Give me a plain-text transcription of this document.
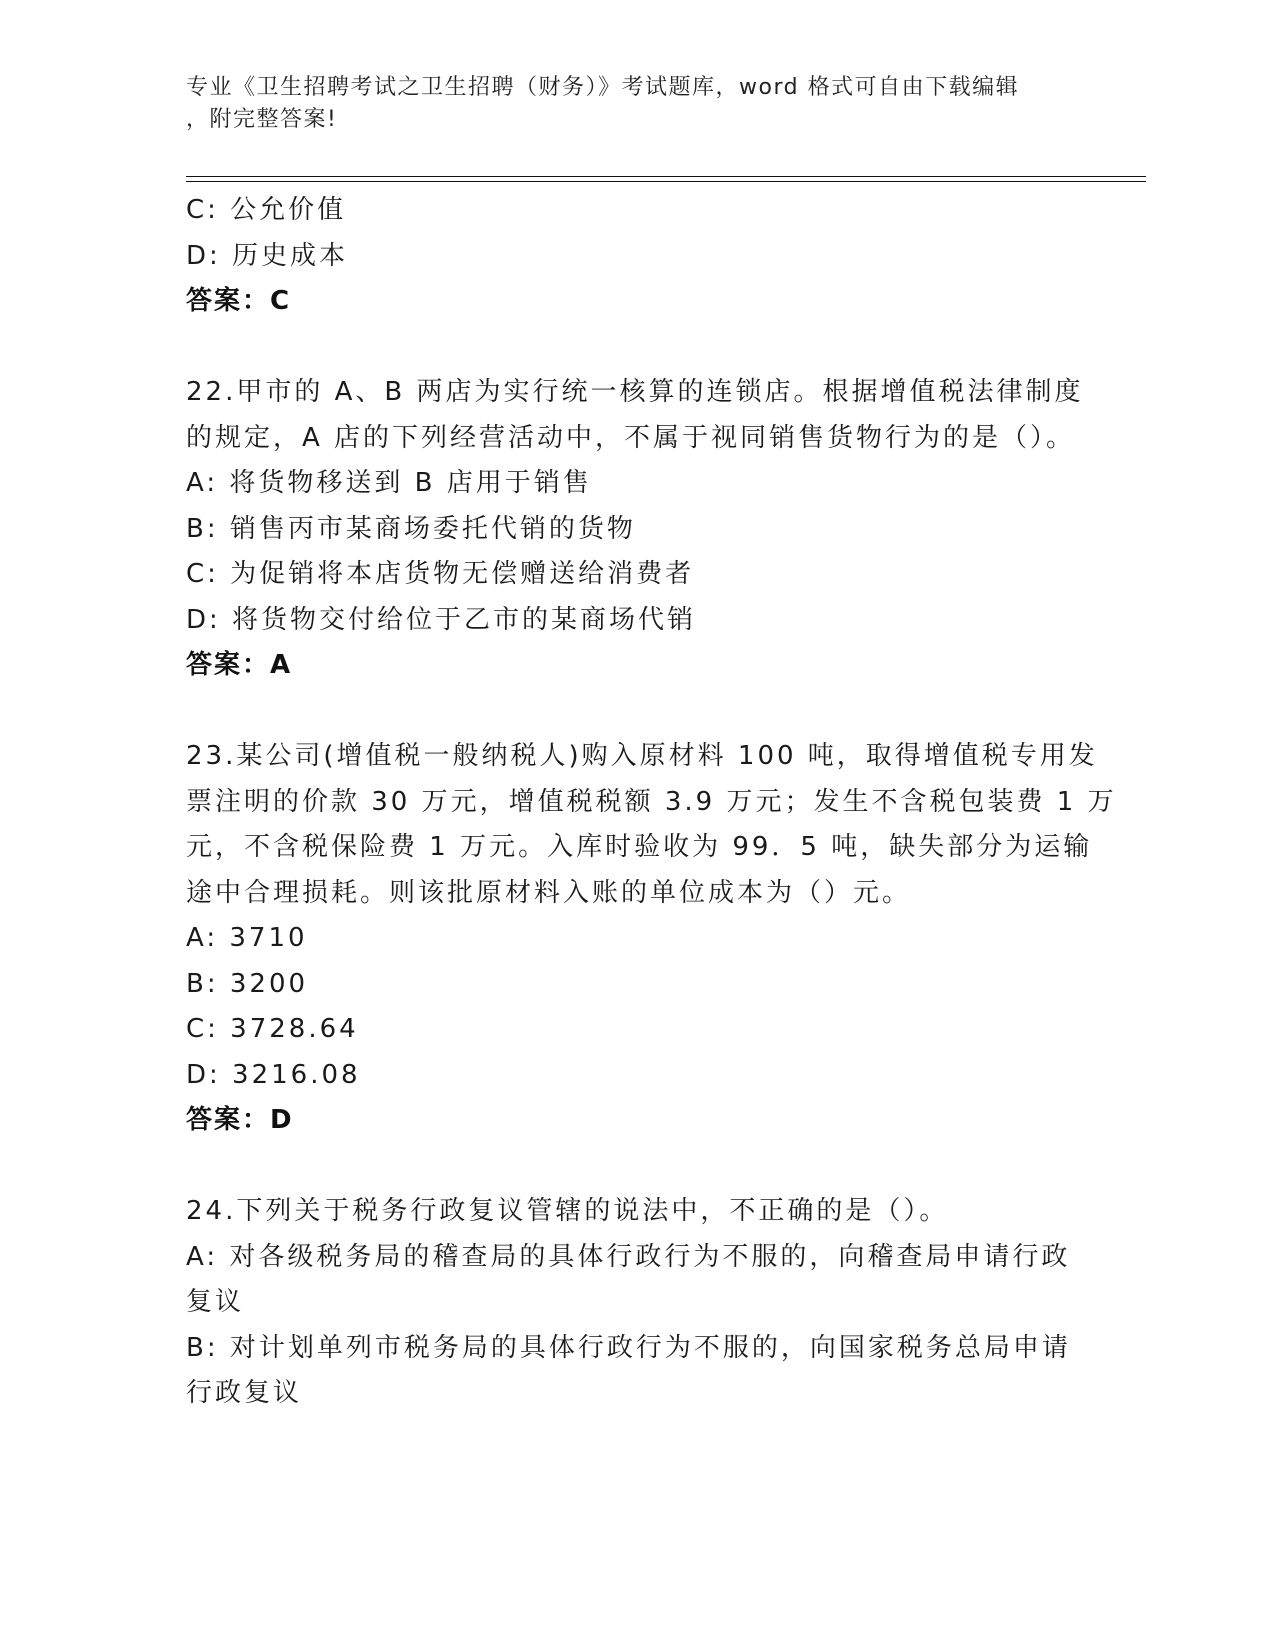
专业《卫生招聘考试之卫生招聘（财务）》考试题库，word 格式可自由下载编辑
，附完整答案!
C: 公允价值
D: 历史成本
答案：C
22.甲市的 A、B 两店为实行统一核算的连锁店。根据增值税法律制度
的规定，A 店的下列经营活动中，不属于视同销售货物行为的是（）。
A: 将货物移送到 B 店用于销售
B: 销售丙市某商场委托代销的货物
C: 为促销将本店货物无偿赠送给消费者
D: 将货物交付给位于乙市的某商场代销
答案：A
23.某公司(增值税一般纳税人)购入原材料 100 吨，取得增值税专用发
票注明的价款 30 万元，增值税税额 3.9 万元；发生不含税包装费 1 万
元，不含税保险费 1 万元。入库时验收为 99．5 吨，缺失部分为运输
途中合理损耗。则该批原材料入账的单位成本为（）元。
A: 3710
B: 3200
C: 3728.64
D: 3216.08
答案：D
24.下列关于税务行政复议管辖的说法中，不正确的是（）。
A: 对各级税务局的稽查局的具体行政行为不服的，向稽查局申请行政
复议
B: 对计划单列市税务局的具体行政行为不服的，向国家税务总局申请
行政复议
